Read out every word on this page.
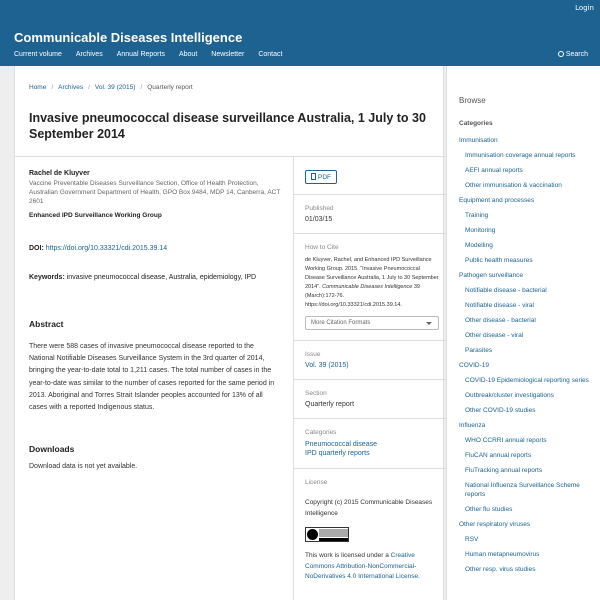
Login
Communicable Diseases Intelligence
Current volume Archives Annual Reports About Newsletter Contact	Search
Home / Archives / Vol. 39 (2015) / Quarterly report
Invasive pneumococcal disease surveillance Australia, 1 July to 30 September 2014
Rachel de Kluyver
Vaccine Preventable Diseases Surveillance Section, Office of Health Protection, Australian Government Department of Health, GPO Box 9484, MDP 14, Canberra, ACT 2601
Enhanced IPD Surveillance Working Group
DOI: https://doi.org/10.33321/cdi.2015.39.14
Keywords: invasive pneumococcal disease, Australia, epidemiology, IPD
Abstract
There were 588 cases of invasive pneumococcal disease reported to the National Notifiable Diseases Surveillance System in the 3rd quarter of 2014, bringing the year-to-date total to 1,211 cases. The total number of cases in the year-to-date was similar to the number of cases reported for the same period in 2013. Aboriginal and Torres Strait Islander peoples accounted for 13% of all cases with a reported Indigenous status.
Downloads
Download data is not yet available.
PDF
Published
01/03/15
How to Cite
de Kluyver, Rachel, and Enhanced IPD Surveillance Working Group. 2015. “Invasive Pneumococcal Disease Surveillance Australia, 1 July to 30 September 2014”. Communicable Diseases Intelligence 39 (March):172-76. https://doi.org/10.33321/cdi.2015.39.14.
More Citation Formats
Issue
Vol. 39 (2015)
Section
Quarterly report
Categories
Pneumococcal disease
IPD quarterly reports
License
Copyright (c) 2015 Communicable Diseases Intelligence
This work is licensed under a Creative Commons Attribution-NonCommercial-NoDerivatives 4.0 International License.
Browse
Categories
Immunisation
Immunisation coverage annual reports
AEFI annual reports
Other immunisation & vaccination
Equipment and processes
Training
Monitoring
Modelling
Public health measures
Pathogen surveillance
Notifiable disease - bacterial
Notifiable disease - viral
Other disease - bacterial
Other disease - viral
Parasites
COVID-19
COVID-19 Epidemiological reporting series
Outbreak/cluster investigations
Other COVID-19 studies
Influenza
WHO CCRRI annual reports
FluCAN annual reports
FluTracking annual reports
National Influenza Surveillance Scheme reports
Other flu studies
Other respiratory viruses
RSV
Human metapneumovirus
Other resp. virus studies
